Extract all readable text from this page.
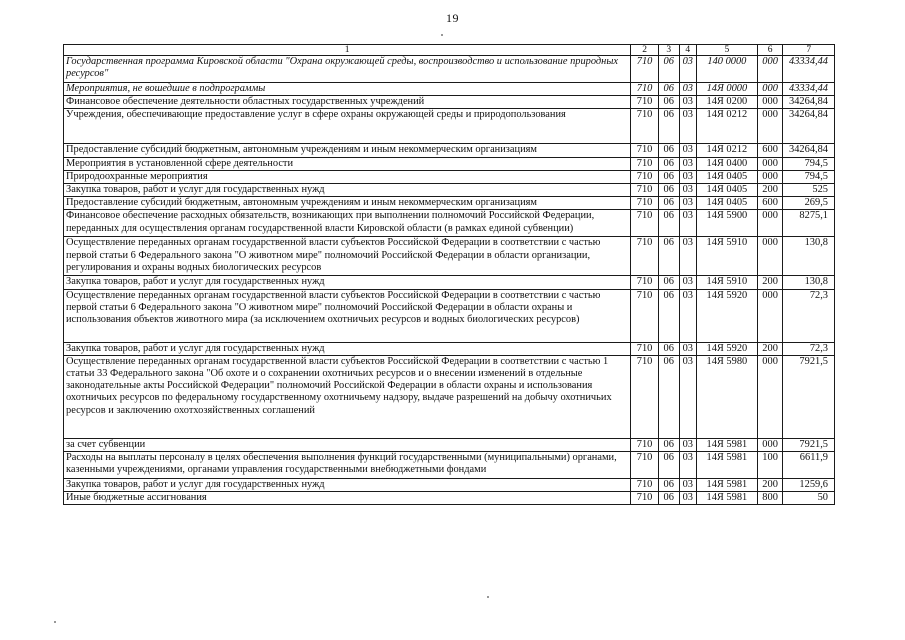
19
1	2	3	4	5	6	7
Государственная программа Кировской области "Охрана окружающей среды, воспроизводство и использование природных ресурсов"	710	06	03	140 0000	000	43334,44
Мероприятия, не вошедшие в подпрограммы	710	06	03	14Я 0000	000	43334,44
Финансовое обеспечение деятельности областных государственных учреждений	710	06	03	14Я 0200	000	34264,84
Учреждения, обеспечивающие предоставление услуг в сфере охраны окружающей среды и природопользования	710	06	03	14Я 0212	000	34264,84
Предоставление субсидий бюджетным, автономным учреждениям и иным некоммерческим организациям	710	06	03	14Я 0212	600	34264,84
Мероприятия в установленной сфере деятельности	710	06	03	14Я 0400	000	794,5
Природоохранные мероприятия	710	06	03	14Я 0405	000	794,5
Закупка товаров, работ и услуг для государственных нужд	710	06	03	14Я 0405	200	525
Предоставление субсидий бюджетным, автономным учреждениям и иным некоммерческим организациям	710	06	03	14Я 0405	600	269,5
Финансовое обеспечение расходных обязательств, возникающих при выполнении полномочий Российской Федерации, переданных для осуществления органам государственной власти Кировской области (в рамках единой субвенции)	710	06	03	14Я 5900	000	8275,1
Осуществление переданных органам государственной власти субъектов Российской Федерации в соответствии с частью первой статьи 6 Федерального закона "О животном мире" полномочий Российской Федерации в области организации, регулирования и охраны водных биологических ресурсов	710	06	03	14Я 5910	000	130,8
Закупка товаров, работ и услуг для государственных нужд	710	06	03	14Я 5910	200	130,8
Осуществление переданных органам государственной власти субъектов Российской Федерации в соответствии с частью первой статьи 6 Федерального закона "О животном мире" полномочий Российской Федерации в области охраны и использования объектов животного мира (за исключением охотничьих ресурсов и водных биологических ресурсов)	710	06	03	14Я 5920	000	72,3
Закупка товаров, работ и услуг для государственных нужд	710	06	03	14Я 5920	200	72,3
Осуществление переданных органам государственной власти субъектов Российской Федерации в соответствии с частью 1 статьи 33 Федерального закона "Об охоте и о сохранении охотничьих ресурсов и о внесении изменений в отдельные законодательные акты Российской Федерации" полномочий Российской Федерации в области охраны и использования охотничьих ресурсов по федеральному государственному охотничьему надзору, выдаче разрешений на добычу охотничьих ресурсов и заключению охотхозяйственных соглашений	710	06	03	14Я 5980	000	7921,5
за счет субвенции	710	06	03	14Я 5981	000	7921,5
Расходы на выплаты персоналу в целях обеспечения выполнения функций государственными (муниципальными) органами, казенными учреждениями, органами управления государственными внебюджетными фондами	710	06	03	14Я 5981	100	6611,9
Закупка товаров, работ и услуг для государственных нужд	710	06	03	14Я 5981	200	1259,6
Иные бюджетные ассигнования	710	06	03	14Я 5981	800	50
